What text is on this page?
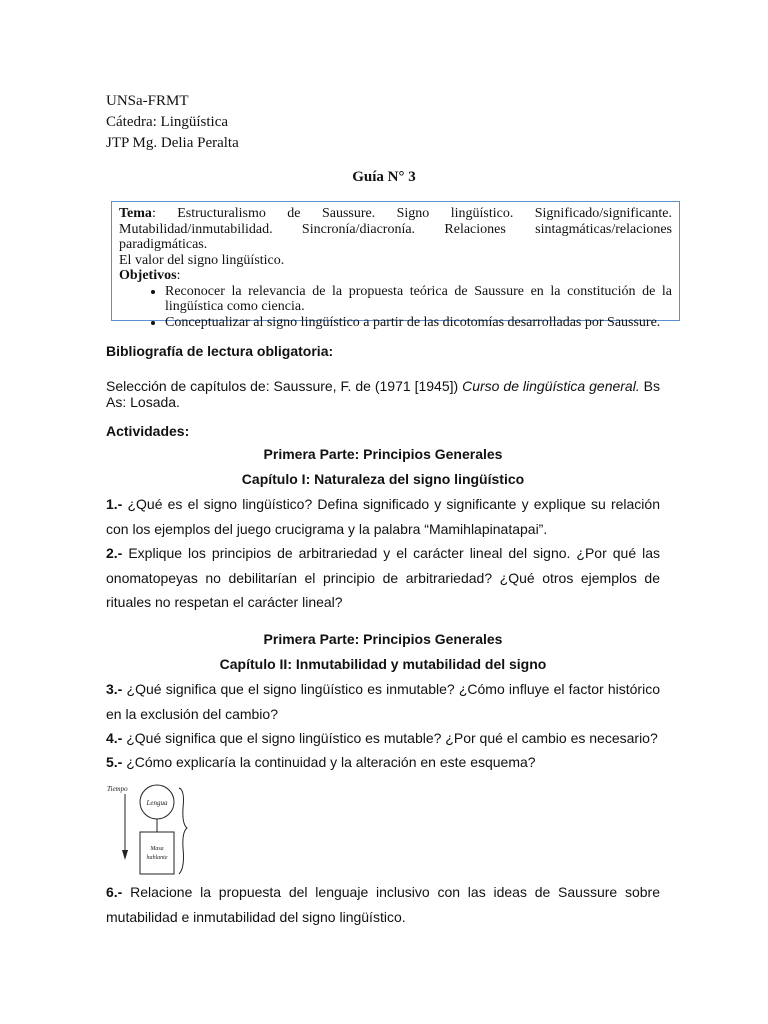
UNSa-FRMT
Cátedra: Lingüística
JTP Mg. Delia Peralta
Guía N° 3

Tema: Estructuralismo de Saussure. Signo lingüístico. Significado/significante.

Mutabilidad/inmutabilidad. Sincronía/diacronía. Relaciones sintagmáticas/relaciones paradigmáticas.

El valor del signo lingüístico.

Objetivos:

• Reconocer la relevancia de la propuesta teórica de Saussure en la constitución de la
lingüística como ciencia.
• Conceptualizar al signo lingüístico a partir de las dicotomías desarrolladas por Saussure.
Bibliografía de lectura obligatoria:
Selección de capítulos de: Saussure, F. de (1971 [1945]) Curso de lingüística general. Bs
As: Losada.
Actividades:
Primera Parte: Principios Generales
Capítulo I: Naturaleza del signo lingüístico
1.- ¿Qué es el signo lingüístico? Defina significado y significante y explique su relación
con los ejemplos del juego crucigrama y la palabra “Mamihlapinatapai”.
2.- Explique los principios de arbitrariedad y el carácter lineal del signo. ¿Por qué las
onomatopeyas no debilitarían el principio de arbitrariedad? ¿Qué otros ejemplos de
rituales no respetan el carácter lineal?
Primera Parte: Principios Generales
Capítulo II: Inmutabilidad y mutabilidad del signo
3.- ¿Qué significa que el signo lingüístico es inmutable? ¿Cómo influye el factor histórico
en la exclusión del cambio?
4.- ¿Qué significa que el signo lingüístico es mutable? ¿Por qué el cambio es necesario?
5.- ¿Cómo explicaría la continuidad y la alteración en este esquema?
Tiempo
Lengua
Masa
hablante
6.- Relacione la propuesta del lenguaje inclusivo con las ideas de Saussure sobre
mutabilidad e inmutabilidad del signo lingüístico.
